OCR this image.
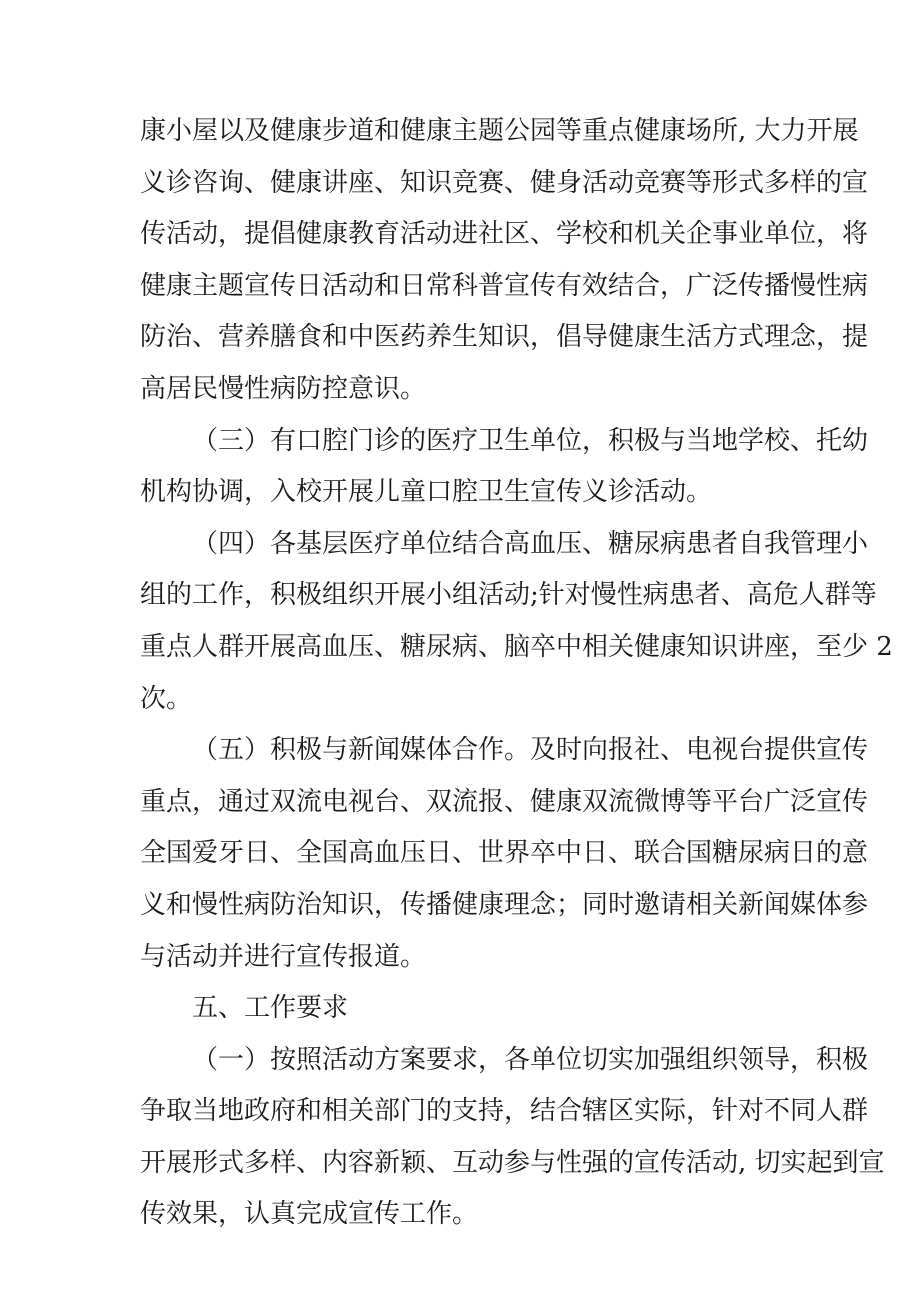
康小屋以及健康步道和健康主题公园等重点健康场所, 大力开展
义诊咨询、健康讲座、知识竞赛、健身活动竞赛等形式多样的宣
传活动，提倡健康教育活动进社区、学校和机关企事业单位，将
健康主题宣传日活动和日常科普宣传有效结合，广泛传播慢性病
防治、营养膳食和中医药养生知识，倡导健康生活方式理念，提
高居民慢性病防控意识。

（三）有口腔门诊的医疗卫生单位，积极与当地学校、托幼
机构协调，入校开展儿童口腔卫生宣传义诊活动。

（四）各基层医疗单位结合高血压、糖尿病患者自我管理小
组的工作，积极组织开展小组活动;针对慢性病患者、高危人群等
重点人群开展高血压、糖尿病、脑卒中相关健康知识讲座，至少 2
次。

（五）积极与新闻媒体合作。及时向报社、电视台提供宣传
重点，通过双流电视台、双流报、健康双流微博等平台广泛宣传
全国爱牙日、全国高血压日、世界卒中日、联合国糖尿病日的意
义和慢性病防治知识，传播健康理念；同时邀请相关新闻媒体参
与活动并进行宣传报道。

五、工作要求

（一）按照活动方案要求，各单位切实加强组织领导，积极
争取当地政府和相关部门的支持，结合辖区实际，针对不同人群
开展形式多样、内容新颖、互动参与性强的宣传活动, 切实起到宣
传效果，认真完成宣传工作。
